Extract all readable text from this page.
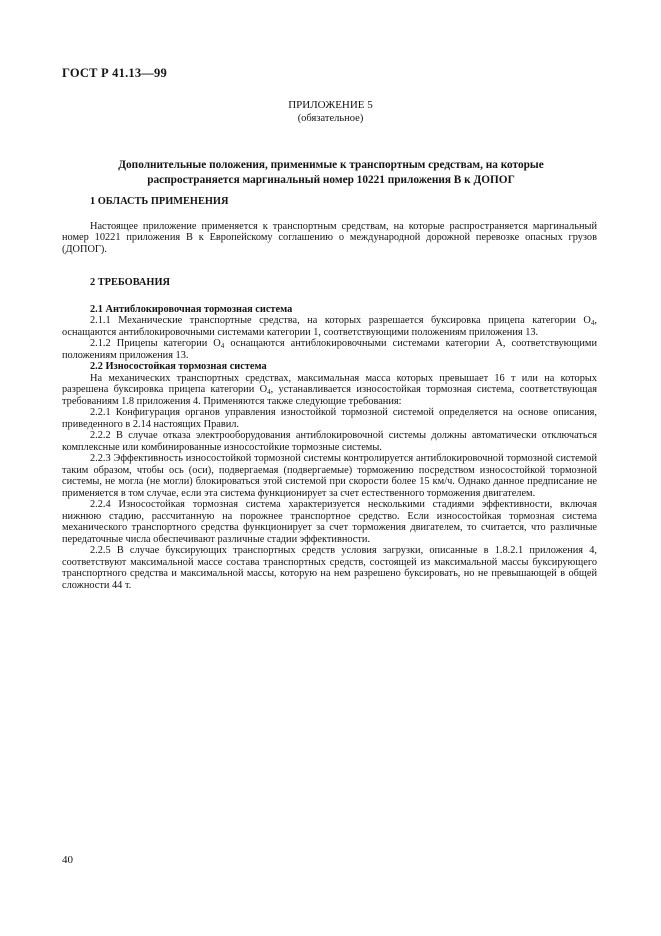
ГОСТ Р 41.13—99
ПРИЛОЖЕНИЕ 5
(обязательное)
Дополнительные положения, применимые к транспортным средствам, на которые
распространяется маргинальный номер 10221 приложения В к ДОПОГ
1 ОБЛАСТЬ ПРИМЕНЕНИЯ

Настоящее приложение применяется к транспортным средствам, на которые распространяется маргинальный номер 10221 приложения В к Европейскому соглашению о международной дорожной перевозке опасных грузов (ДОПОГ).

2 ТРЕБОВАНИЯ
2.1 Антиблокировочная тормозная система

2.1.1 Механические транспортные средства, на которых разрешается буксировка прицепа категории $O_4$, оснащаются антиблокировочными системами категории 1, соответствующими положениям приложения 13.

2.1.2 Прицепы категории $O_4$ оснащаются антиблокировочными системами категории А, соответствующими положениям приложения 13.

2.2 Износостойкая тормозная система

На механических транспортных средствах, максимальная масса которых превышает 16 т или на которых разрешена буксировка прицепа категории $O_4$, устанавливается износостойкая тормозная система, соответствующая требованиям 1.8 приложения 4. Применяются также следующие требования:

2.2.1 Конфигурация органов управления изностойкой тормозной системой определяется на основе описания, приведенного в 2.14 настоящих Правил.

2.2.2 В случае отказа электрооборудования антиблокировочной системы должны автоматически отключаться комплексные или комбинированные износостойкие тормозные системы.

2.2.3 Эффективность износостойкой тормозной системы контролируется антиблокировочной тормозной системой таким образом, чтобы ось (оси), подвергаемая (подвергаемые) торможению посредством износостойкой тормозной системы, не могла (не могли) блокироваться этой системой при скорости более 15 км/ч. Однако данное предписание не применяется в том случае, если эта система функционирует за счет естественного торможения двигателем.

2.2.4 Износостойкая тормозная система характеризуется несколькими стадиями эффективности, включая нижнюю стадию, рассчитанную на порожнее транспортное средство. Если износостойкая тормозная система механического транспортного средства функционирует за счет торможения двигателем, то считается, что различные передаточные числа обеспечивают различные стадии эффективности.

2.2.5 В случае буксирующих транспортных средств условия загрузки, описанные в 1.8.2.1 приложения 4, соответствуют максимальной массе состава транспортных средств, состоящей из максимальной массы буксирующего транспортного средства и максимальной массы, которую на нем разрешено буксировать, но не превышающей в общей сложности 44 т.

40
